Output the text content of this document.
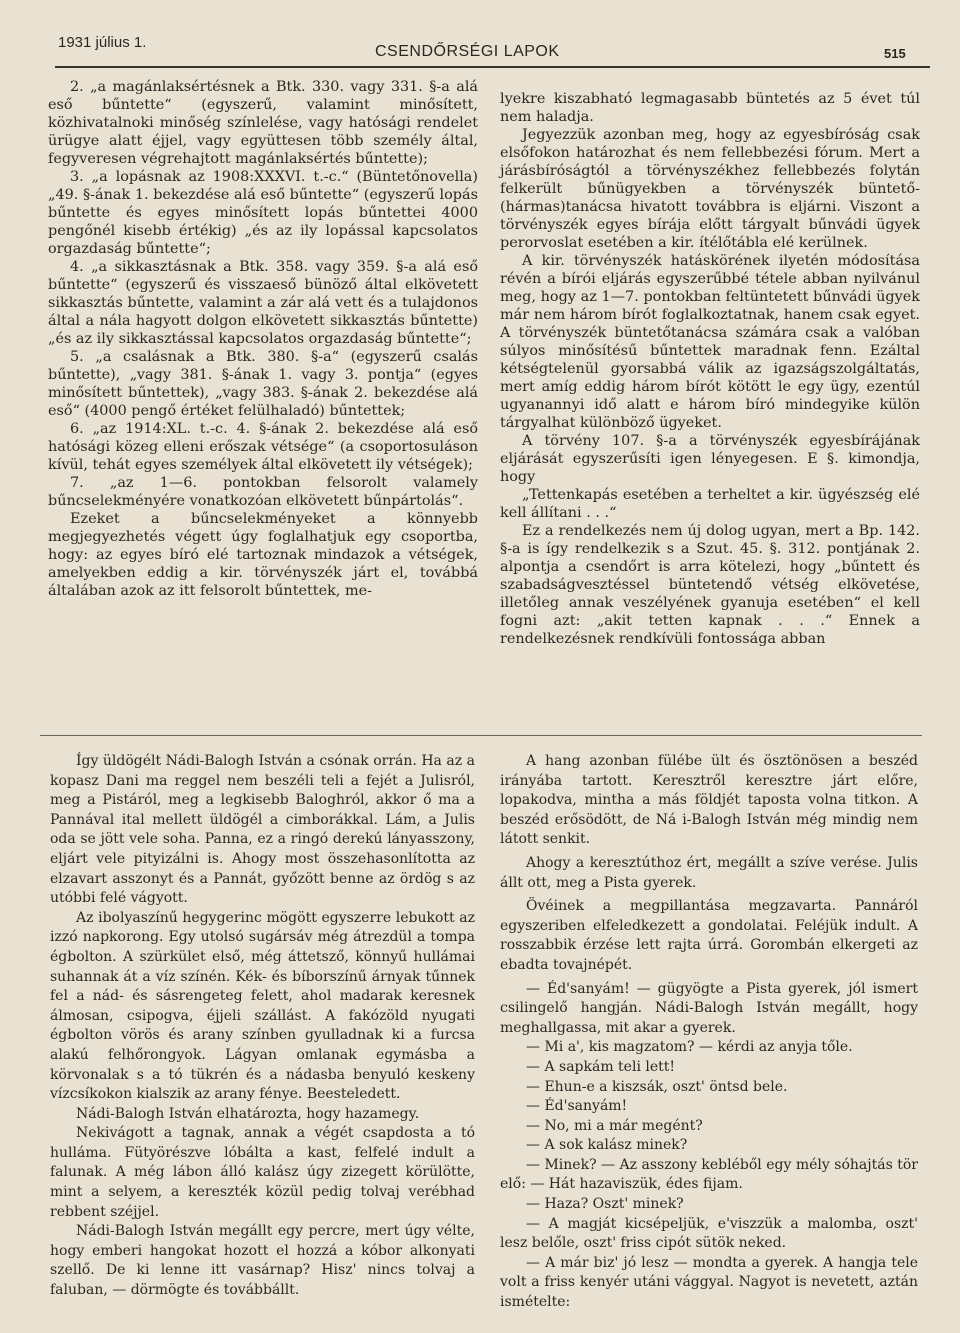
1931 július 1.
CSENDŐRSÉGI LAPOK	515

2. „a magánlaksértésnek a Btk. 330. vagy 331. §-a alá eső bűntette“ (egyszerű, valamint minősített, közhivatalnoki minőség színlelése, vagy hatósági rendelet ürügye alatt éjjel, vagy együttesen több személy által, fegyveresen végrehajtott magánlaksértés bűntette);

3. „a lopásnak az 1908:XXXVI. t.-c.“ (Büntetőnovella) „49. §-ának 1. bekezdése alá eső bűntette“ (egyszerű lopás bűntette és egyes minősített lopás bűntettei 4000 pengőnél kisebb értékig) „és az ily lopással kapcsolatos orgazdaság bűntette“;

4. „a sikkasztásnak a Btk. 358. vagy 359. §-a alá eső bűntette“ (egyszerű és visszaeső bünöző által elkövetett sikkasztás bűntette, valamint a zár alá vett és a tulajdonos által a nála hagyott dolgon elkövetett sikkasztás bűntette) „és az ily sikkasztással kapcsolatos orgazdaság bűntette“;

5. „a csalásnak a Btk. 380. §-a“ (egyszerű csalás bűntette), „vagy 381. §-ának 1. vagy 3. pontja“ (egyes minősített bűntettek), „vagy 383. §-ának 2. bekezdése alá eső“ (4000 pengő értéket felülhaladó) bűntettek;

6. „az 1914:XL. t.-c. 4. §-ának 2. bekezdése alá eső hatósági közeg elleni erőszak vétsége“ (a csoportosuláson kívül, tehát egyes személyek által elkövetett ily vétségek);

7. „az 1—6. pontokban felsorolt valamely bűncselekményére vonatkozóan elkövetett bűnpártolás“.

Ezeket a bűncselekményeket a könnyebb megjegyezhetés végett úgy foglalhatjuk egy csoportba, hogy: az egyes bíró elé tartoznak mindazok a vétségek, amelyekben eddig a kir. törvényszék járt el, továbbá általában azok az itt felsorolt bűntettek, me-

lyekre kiszabható legmagasabb büntetés az 5 évet túl nem haladja.

Jegyezzük azonban meg, hogy az egyesbíróság csak elsőfokon határozhat és nem fellebbezési fórum. Mert a járásbíróságtól a törvényszékhez fellebbezés folytán felkerült bűnügyekben a törvényszék büntető-(hármas)tanácsa hivatott továbbra is eljárni. Viszont a törvényszék egyes bírája előtt tárgyalt bűnvádi ügyek perorvoslat esetében a kir. ítélőtábla elé kerülnek.

A kir. törvényszék hatáskörének ilyetén módosítása révén a bírói eljárás egyszerűbbé tétele abban nyilvánul meg, hogy az 1—7. pontokban feltüntetett bűnvádi ügyek már nem három bírót foglalkoztatnak, hanem csak egyet. A törvényszék büntetőtanácsa számára csak a valóban súlyos minősítésű bűntettek maradnak fenn. Ezáltal kétségtelenül gyorsabbá válik az igazságszolgáltatás, mert amíg eddig három bírót kötött le egy ügy, ezentúl ugyanannyi idő alatt e három bíró mindegyike külön tárgyalhat különböző ügyeket.

A törvény 107. §-a a törvényszék egyesbírájának eljárását egyszerűsíti igen lényegesen. E §. kimondja, hogy

„Tettenkapás esetében a terheltet a kir. ügyészség elé kell állítani . . .“

Ez a rendelkezés nem új dolog ugyan, mert a Bp. 142. §-a is így rendelkezik s a Szut. 45. §. 312. pontjának 2. alpontja a csendőrt is arra kötelezi, hogy „bűntett és szabadságvesztéssel büntetendő vétség elkövetése, illetőleg annak veszélyének gyanuja esetében“ el kell fogni azt: „akit tetten kapnak . . .“ Ennek a rendelkezésnek rendkívüli fontossága abban

Így üldögélt Nádi-Balogh István a csónak orrán. Ha az a kopasz Dani ma reggel nem beszéli teli a fejét a Julisról, meg a Pistáról, meg a legkisebb Baloghról, akkor ő ma a Pannával ital mellett üldögél a cimborákkal. Lám, a Julis oda se jött vele soha. Panna, ez a ringó derekú lányasszony, eljárt vele pityizálni is. Ahogy most összehasonlította az elzavart asszonyt és a Pannát, győzött benne az ördög s az utóbbi felé vágyott.

Az ibolyaszínű hegygerinc mögött egyszerre lebukott az izzó napkorong. Egy utolsó sugársáv még átrezdül a tompa égbolton. A szürkület első, még áttetsző, könnyű hullámai suhannak át a víz színén. Kék- és bíborszínű árnyak tűnnek fel a nád- és sásrengeteg felett, ahol madarak keresnek álmosan, csipogva, éjjeli szállást. A fakózöld nyugati égbolton vörös és arany színben gyulladnak ki a furcsa alakú felhőrongyok. Lágyan omlanak egymásba a körvonalak s a tó tükrén és a nádasba benyuló keskeny vízcsíkokon kialszik az arany fénye. Beesteledett.

Nádi-Balogh István elhatározta, hogy hazamegy.

Nekivágott a tagnak, annak a végét csapdosta a tó hulláma. Fütyörészve lóbálta a kast, felfelé indult a falunak. A még lábon álló kalász úgy zizegett körülötte, mint a selyem, a kereszték közül pedig tolvaj verébhad rebbent széjjel.

Nádi-Balogh István megállt egy percre, mert úgy vélte, hogy emberi hangokat hozott el hozzá a kóbor alkonyati szellő. De ki lenne itt vasárnap? Hisz' nincs tolvaj a faluban, — dörmögte és továbbállt.

A hang azonban fülébe ült és ösztönösen a beszéd irányába tartott. Keresztről keresztre járt előre, lopakodva, mintha a más földjét taposta volna titkon. A beszéd erősödött, de Ná i-Balogh István még mindig nem látott senkit.

Ahogy a keresztúthoz ért, megállt a szíve verése. Julis állt ott, meg a Pista gyerek.

Övéinek a megpillantása megzavarta. Pannáról egyszeriben elfeledkezett a gondolatai. Feléjük indult. A rosszabbik érzése lett rajta úrrá. Gorombán elkergeti az ebadta tovajnépét.

— Éd'sanyám! — gügyögte a Pista gyerek, jól ismert csilingelő hangján. Nádi-Balogh István megállt, hogy meghallgassa, mit akar a gyerek.

— Mi a', kis magzatom? — kérdi az anyja tőle.

— A sapkám teli lett!

— Ehun-e a kiszsák, oszt' öntsd bele.

— Éd'sanyám!

— No, mi a már megént?

— A sok kalász minek?

— Minek? — Az asszony kebléből egy mély sóhajtás tör elő: — Hát hazaviszük, édes fijam.

— Haza? Oszt' minek?

— A magját kicsépeljük, e'viszzük a malomba, oszt' lesz belőle, oszt' friss cipót sütök neked.

— A már biz' jó lesz — mondta a gyerek. A hangja tele volt a friss kenyér utáni vággyal. Nagyot is nevetett, aztán ismételte:
